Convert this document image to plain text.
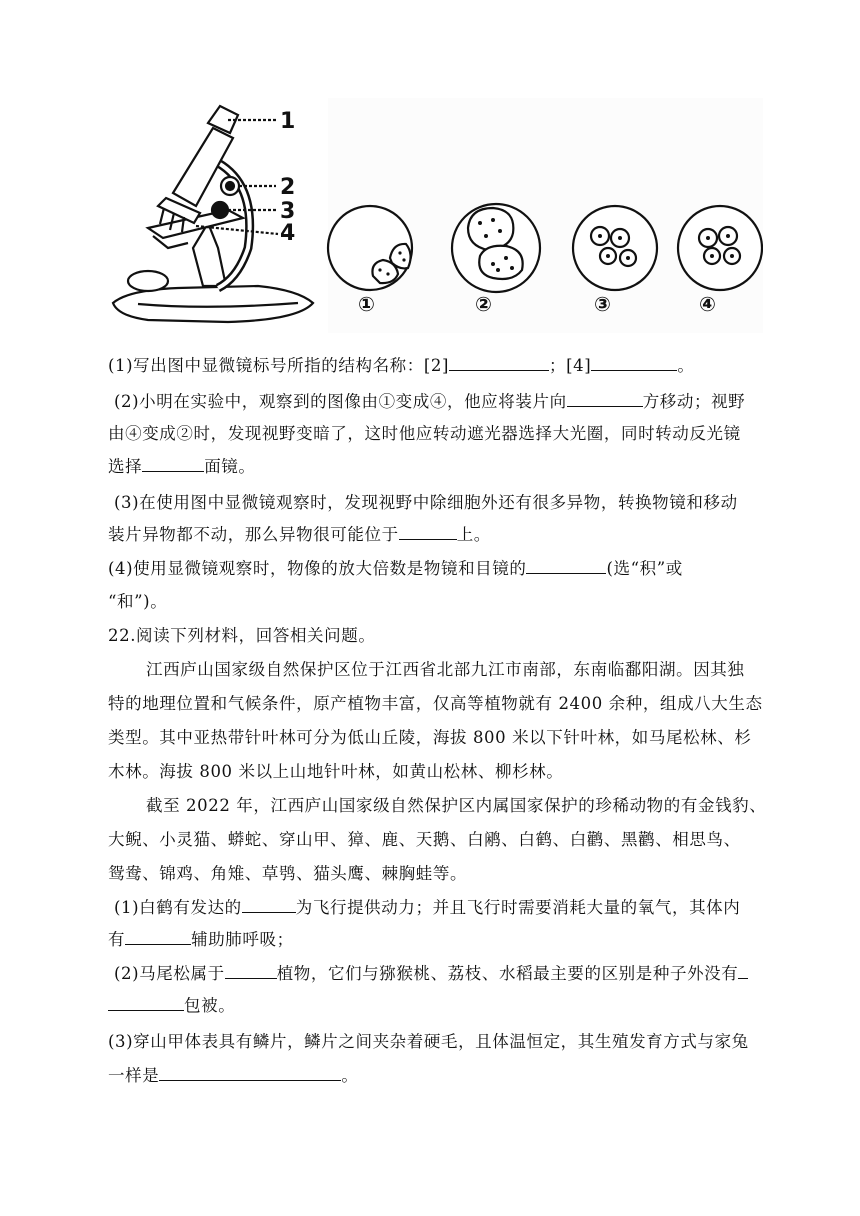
1
2
3
4
①	②	③	④
(1)写出图中显微镜标号所指的结构名称：[2]	；[4]	。
(2)小明在实验中，观察到的图像由①变成④，他应将装片向	方移动；视野
由④变成②时，发现视野变暗了，这时他应转动遮光器选择大光圈，同时转动反光镜
选择	面镜。
(3)在使用图中显微镜观察时，发现视野中除细胞外还有很多异物，转换物镜和移动
装片异物都不动，那么异物很可能位于	上。
(4)使用显微镜观察时，物像的放大倍数是物镜和目镜的	(选“积”或
“和”)。
22.阅读下列材料，回答相关问题。
江西庐山国家级自然保护区位于江西省北部九江市南部，东南临鄱阳湖。因其独
特的地理位置和气候条件，原产植物丰富，仅高等植物就有 2400 余种，组成八大生态
类型。其中亚热带针叶林可分为低山丘陵，海拔 800 米以下针叶林，如马尾松林、杉
木林。海拔 800 米以上山地针叶林，如黄山松林、柳杉林。
截至 2022 年，江西庐山国家级自然保护区内属国家保护的珍稀动物的有金钱豹、
大鲵、小灵猫、蟒蛇、穿山甲、獐、鹿、天鹅、白鹇、白鹤、白鹳、黑鹳、相思鸟、
鸳鸯、锦鸡、角雉、草鸮、猫头鹰、棘胸蛙等。
(1)白鹤有发达的	为飞行提供动力；并且飞行时需要消耗大量的氧气，其体内
有	辅助肺呼吸；
(2)马尾松属于	植物，它们与猕猴桃、荔枝、水稻最主要的区别是种子外没有
包被。
(3)穿山甲体表具有鳞片，鳞片之间夹杂着硬毛，且体温恒定，其生殖发育方式与家兔
一样是	。
